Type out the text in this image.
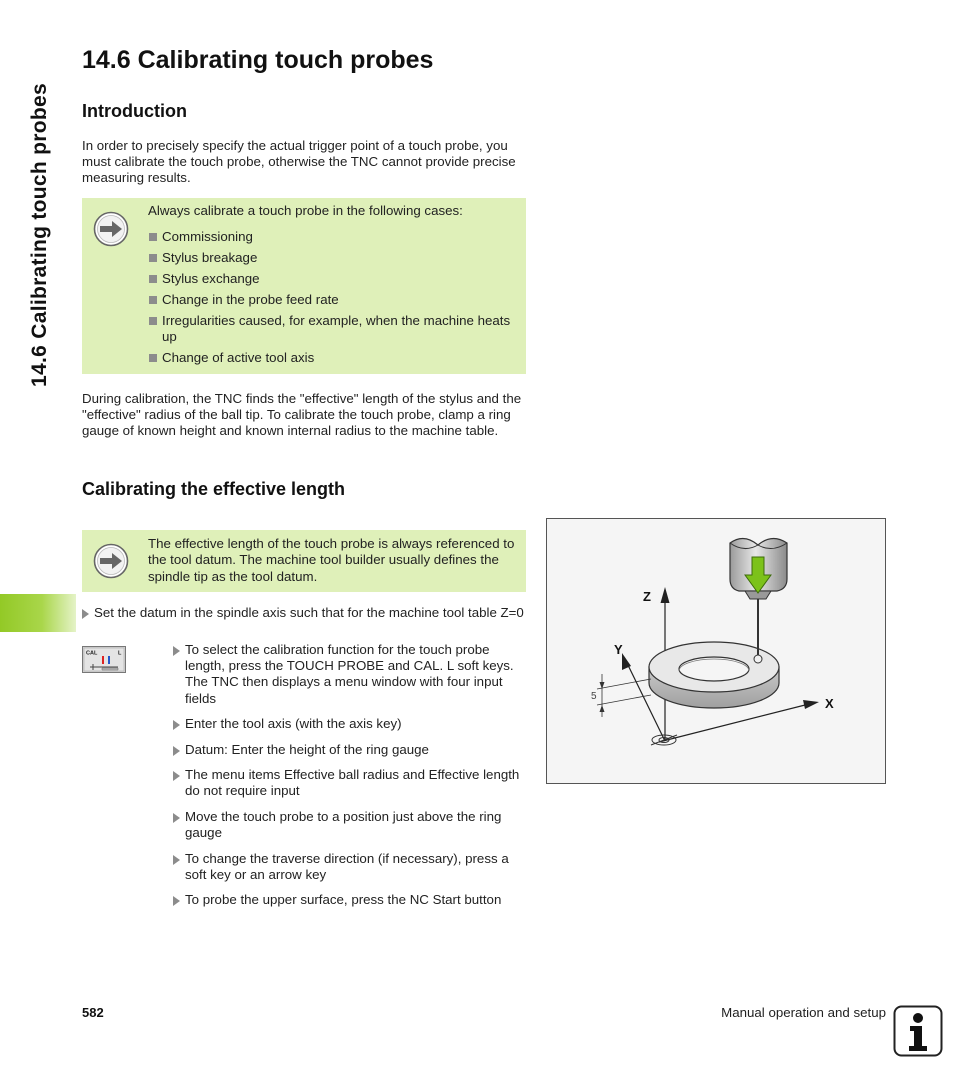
14.6 Calibrating touch probes
14.6 Calibrating touch probes
Introduction

In order to precisely specify the actual trigger point of a touch probe, you must calibrate the touch probe, otherwise the TNC cannot provide precise measuring results.

Always calibrate a touch probe in the following cases:
Commissioning
Stylus breakage
Stylus exchange
Change in the probe feed rate
Irregularities caused, for example, when the machine heats up
Change of active tool axis

During calibration, the TNC finds the "effective" length of the stylus and the "effective" radius of the ball tip. To calibrate the touch probe, clamp a ring gauge of known height and known internal radius to the machine table.

Calibrating the effective length
The effective length of the touch probe is always referenced to the tool datum. The machine tool builder usually defines the spindle tip as the tool datum.
Set the datum in the spindle axis such that for the machine tool table Z=0
CAL	L	To select the calibration function for the touch probe length, press the TOUCH PROBE and CAL. L soft keys. The TNC then displays a menu window with four input fields
Enter the tool axis (with the axis key)
Datum: Enter the height of the ring gauge
The menu items Effective ball radius and Effective length do not require input
Move the touch probe to a position just above the ring gauge
To change the traverse direction (if necessary), press a soft key or an arrow key
To probe the upper surface, press the NC Start button
5
Z
Y
X
582	Manual operation and setup
